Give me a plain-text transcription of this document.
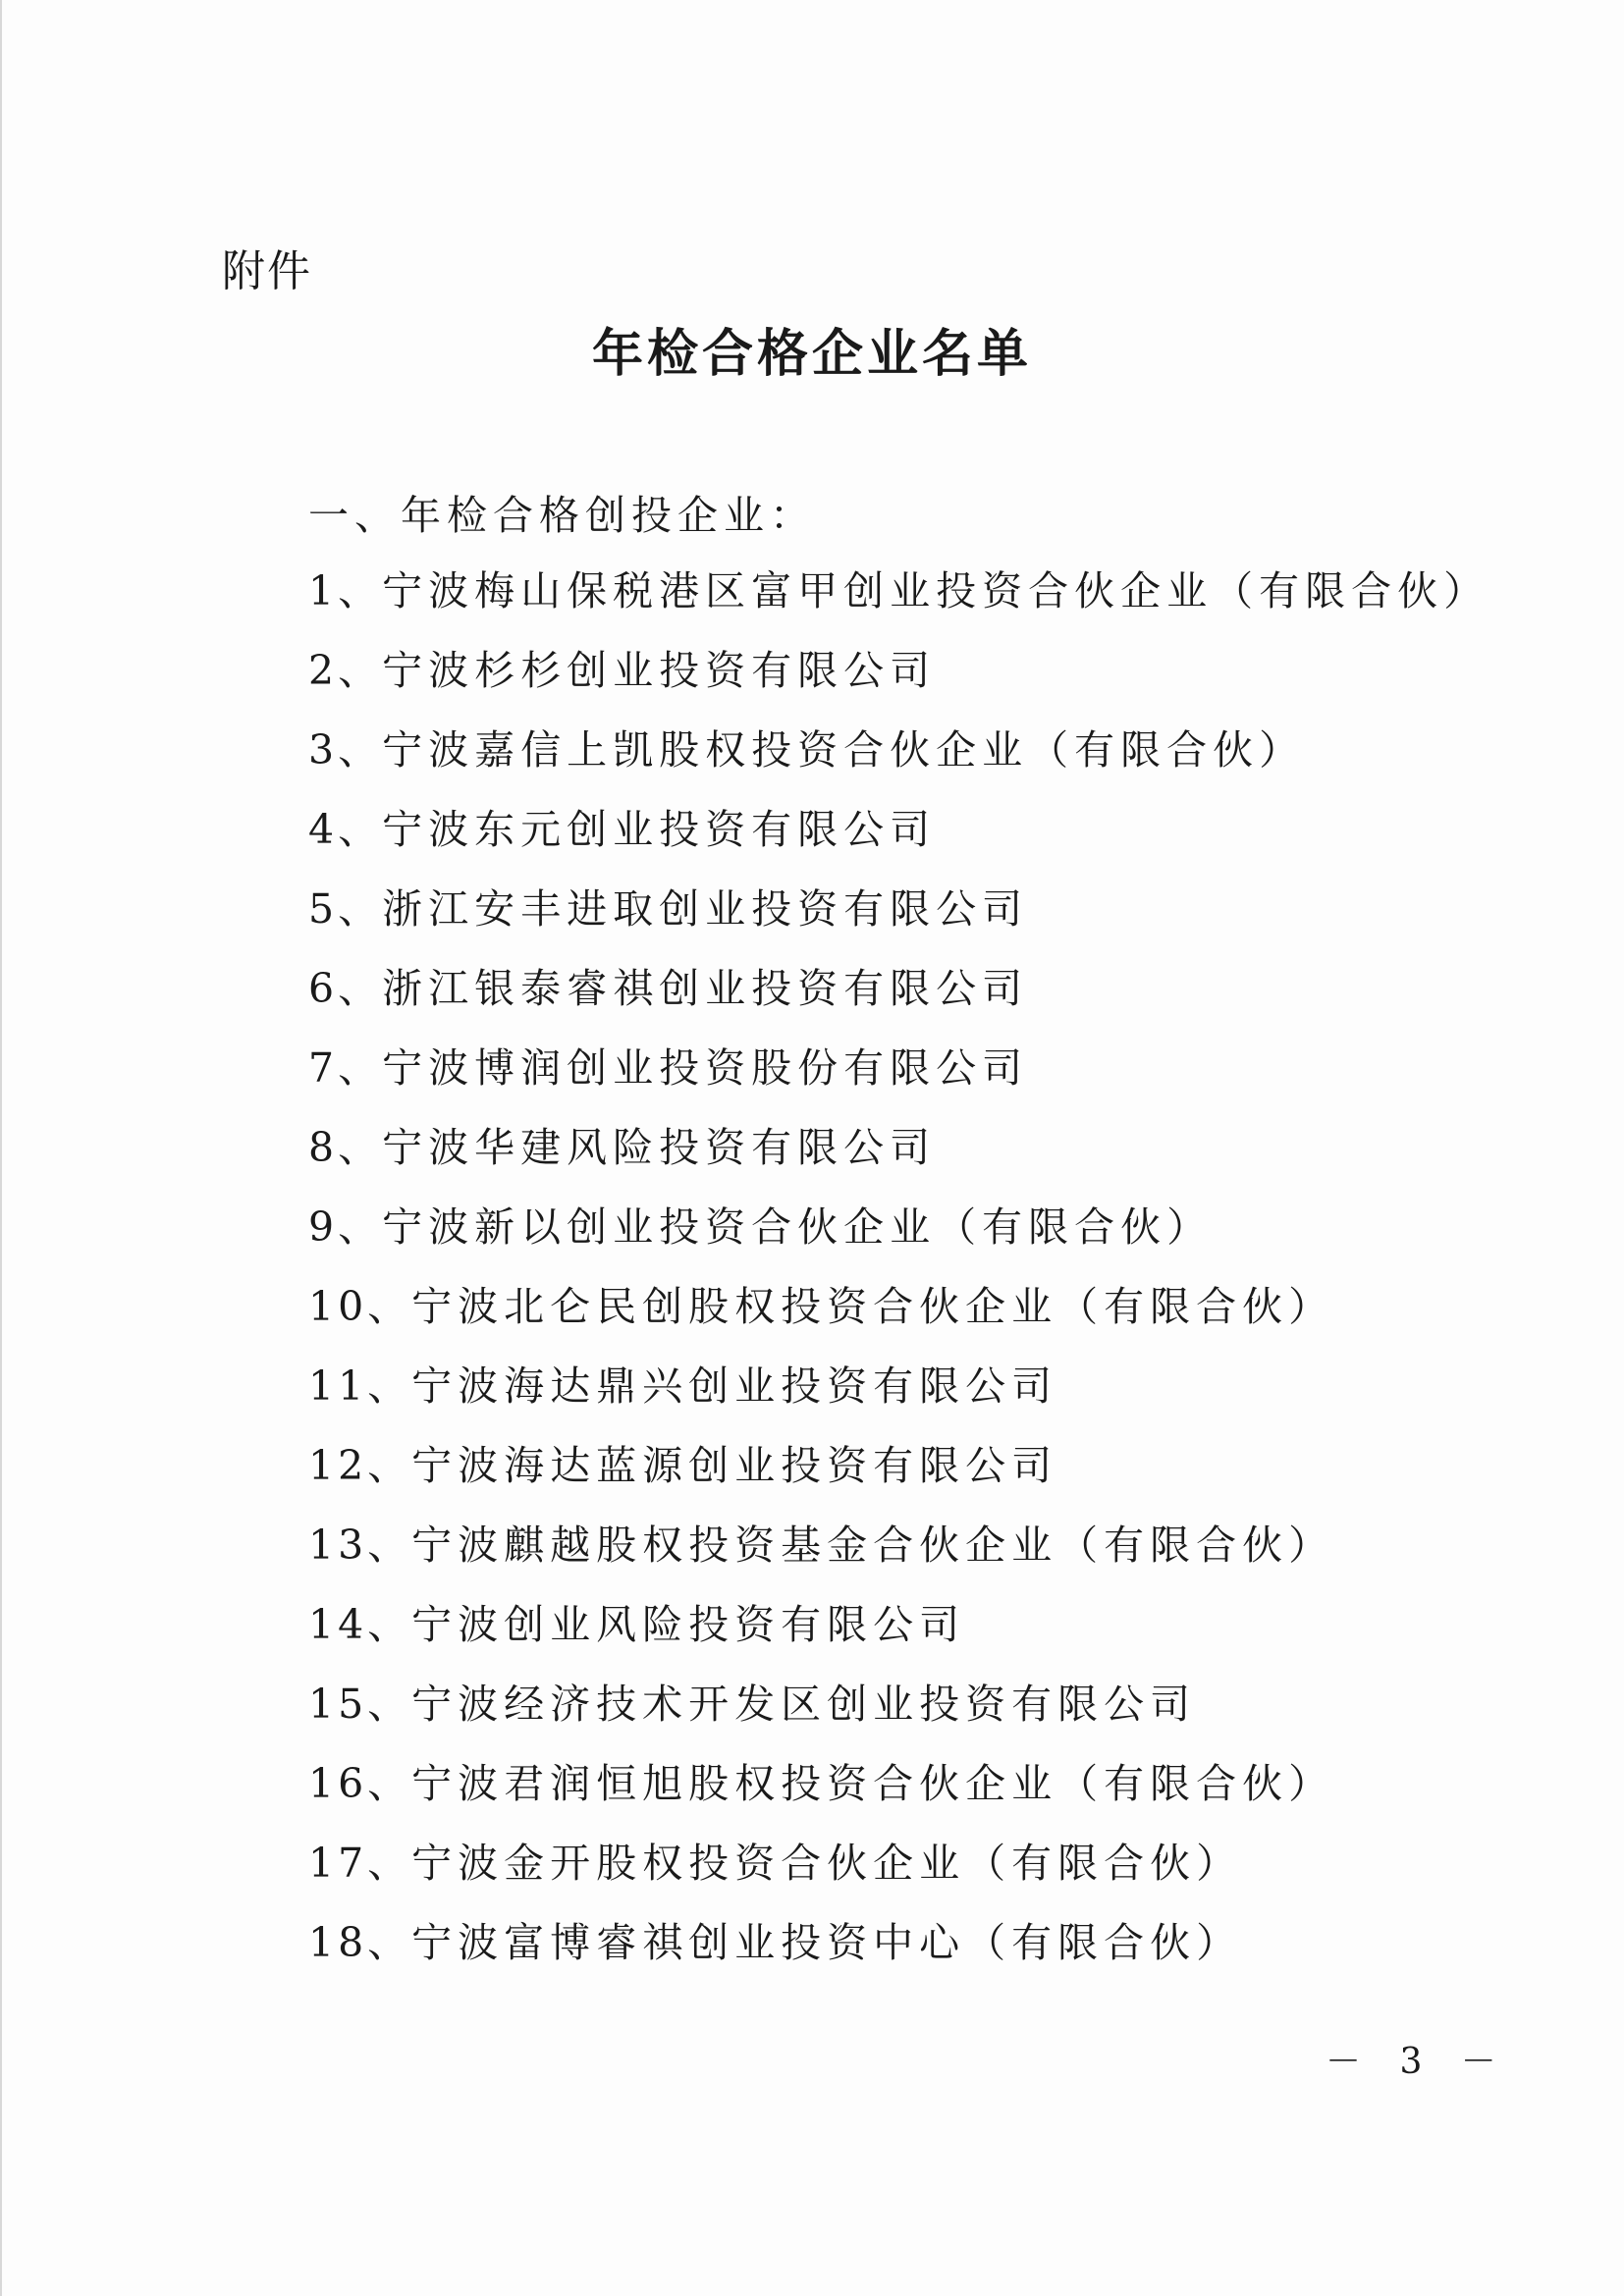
附件
年检合格企业名单
一、年检合格创投企业：
1、宁波梅山保税港区富甲创业投资合伙企业（有限合伙）
2、宁波杉杉创业投资有限公司
3、宁波嘉信上凯股权投资合伙企业（有限合伙）
4、宁波东元创业投资有限公司
5、浙江安丰进取创业投资有限公司
6、浙江银泰睿祺创业投资有限公司
7、宁波博润创业投资股份有限公司
8、宁波华建风险投资有限公司
9、宁波新以创业投资合伙企业（有限合伙）
10、宁波北仑民创股权投资合伙企业（有限合伙）
11、宁波海达鼎兴创业投资有限公司
12、宁波海达蓝源创业投资有限公司
13、宁波麒越股权投资基金合伙企业（有限合伙）
14、宁波创业风险投资有限公司
15、宁波经济技术开发区创业投资有限公司
16、宁波君润恒旭股权投资合伙企业（有限合伙）
17、宁波金开股权投资合伙企业（有限合伙）
18、宁波富博睿祺创业投资中心（有限合伙）
－ 3 －
